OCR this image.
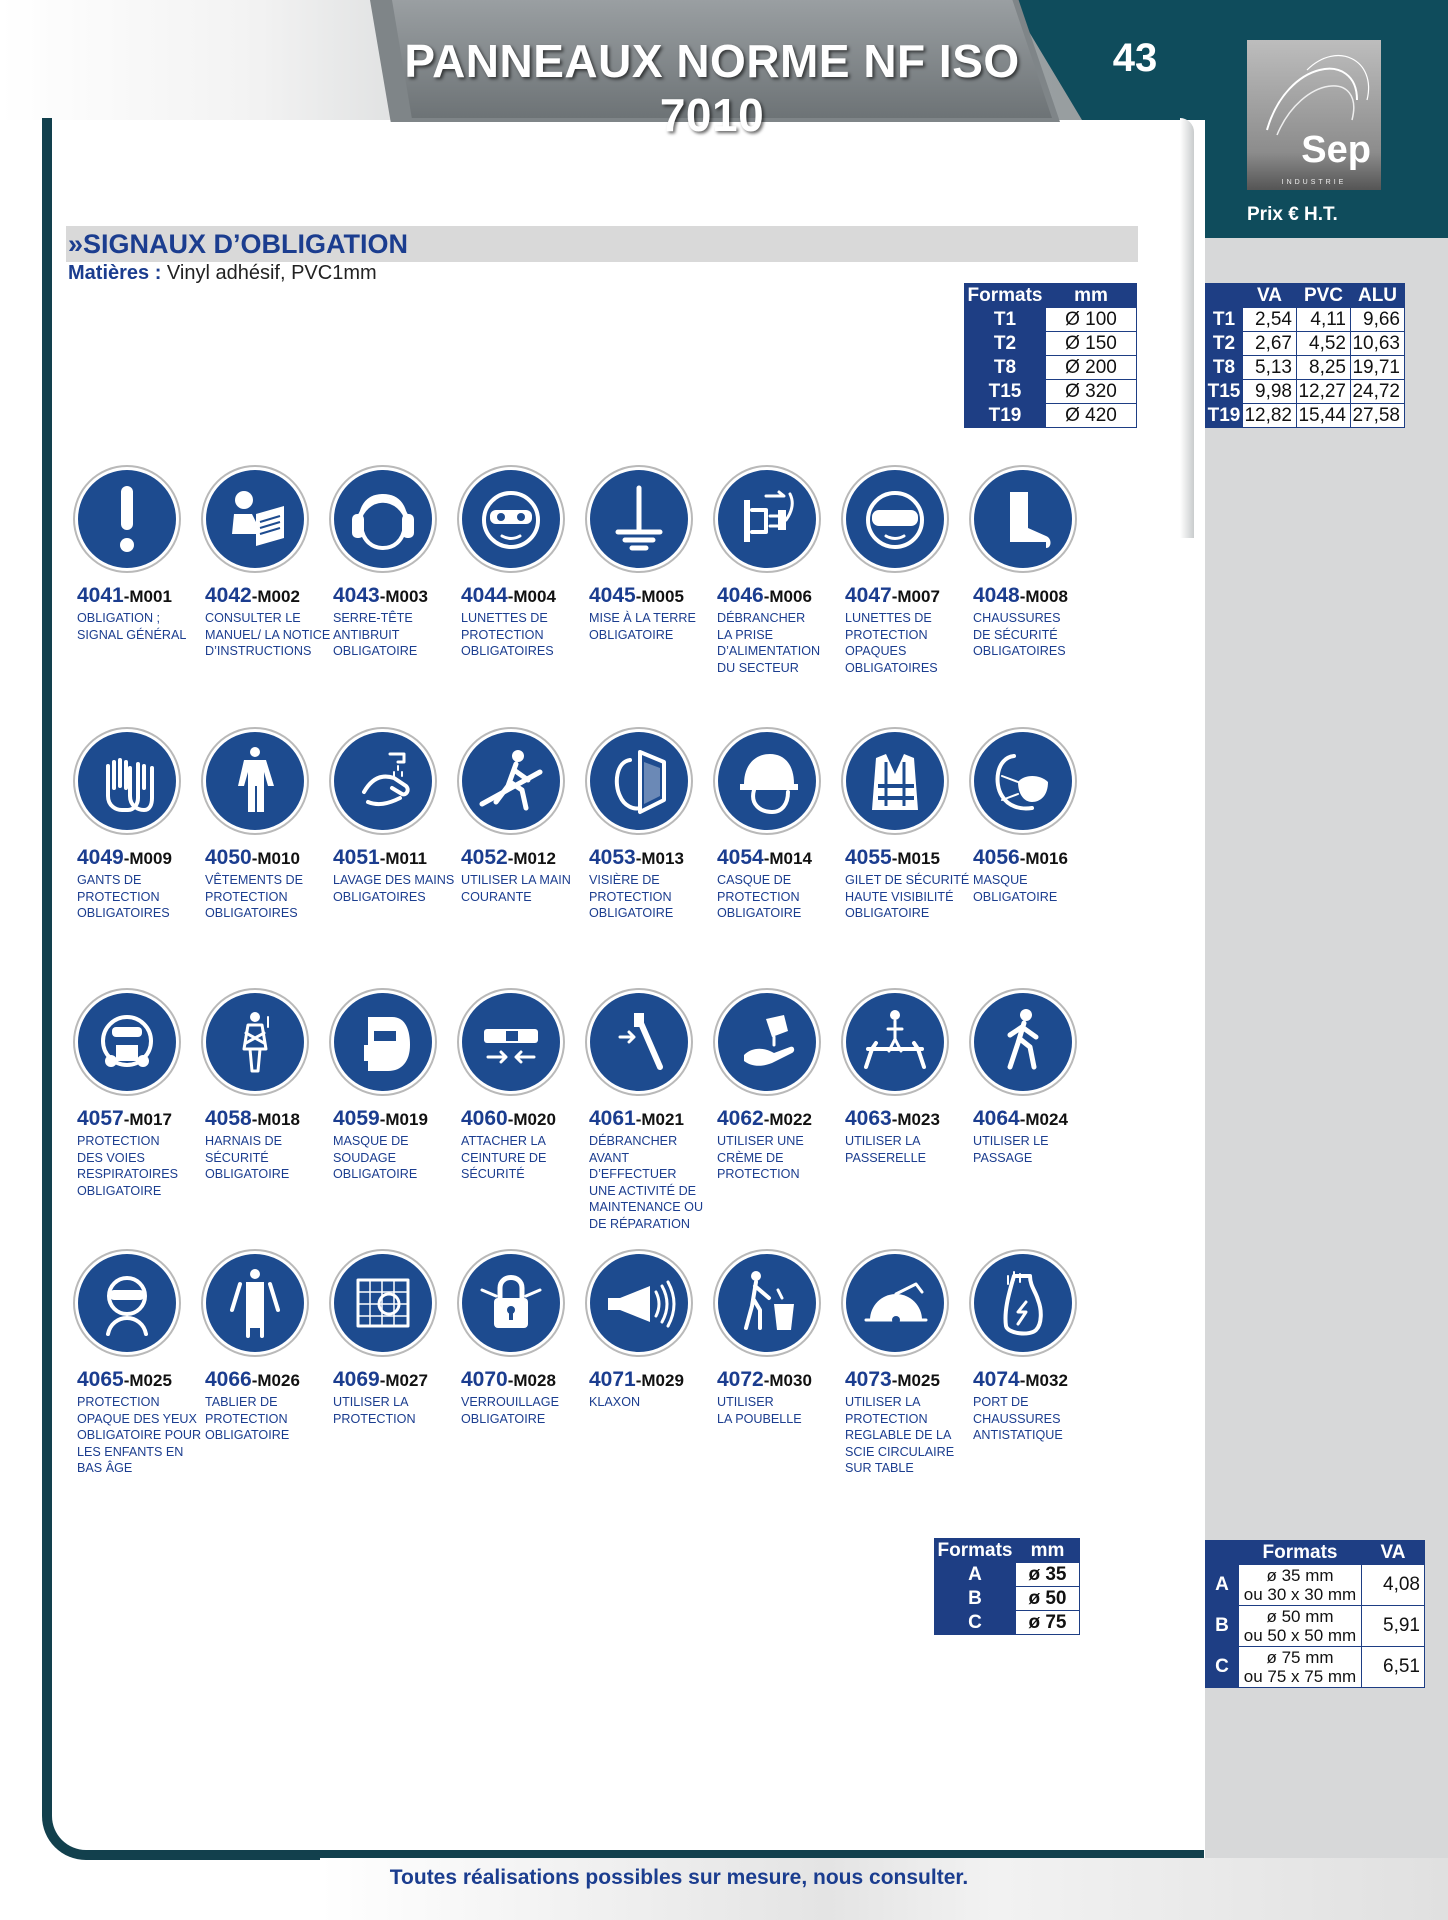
PANNEAUX NORME NF ISO 7010
43
Sep
INDUSTRIE
Prix € H.T.
»SIGNAUX D’OBLIGATION
Matières : Vinyl adhésif, PVC1mm
Formats	mm
T1	Ø 100
T2	Ø 150
T8	Ø 200
T15	Ø 320
T19	Ø 420
	VA	PVC	ALU
T1	2,54	4,11	9,66
T2	2,67	4,52	10,63
T8	5,13	8,25	19,71
T15	9,98	12,27	24,72
T19	12,82	15,44	27,58
4041-M001
OBLIGATION ;
SIGNAL GÉNÉRAL
4042-M002
CONSULTER LE
MANUEL/ LA NOTICE
D’INSTRUCTIONS
4043-M003
SERRE-TÊTE
ANTIBRUIT
OBLIGATOIRE
4044-M004
LUNETTES DE
PROTECTION
OBLIGATOIRES
4045-M005
MISE À LA TERRE
OBLIGATOIRE
4046-M006
DÉBRANCHER
LA PRISE
D’ALIMENTATION
DU SECTEUR
4047-M007
LUNETTES DE
PROTECTION
OPAQUES
OBLIGATOIRES
4048-M008
CHAUSSURES
DE SÉCURITÉ
OBLIGATOIRES
4049-M009
GANTS DE
PROTECTION
OBLIGATOIRES
4050-M010
VÊTEMENTS DE
PROTECTION
OBLIGATOIRES
4051-M011
LAVAGE DES MAINS
OBLIGATOIRES
4052-M012
UTILISER LA MAIN
COURANTE
4053-M013
VISIÈRE DE
PROTECTION
OBLIGATOIRE
4054-M014
CASQUE DE
PROTECTION
OBLIGATOIRE
4055-M015
GILET DE SÉCURITÉ
HAUTE VISIBILITÉ
OBLIGATOIRE
4056-M016
MASQUE
OBLIGATOIRE
4057-M017
PROTECTION
DES VOIES
RESPIRATOIRES
OBLIGATOIRE
4058-M018
HARNAIS DE
SÉCURITÉ
OBLIGATOIRE
4059-M019
MASQUE DE
SOUDAGE
OBLIGATOIRE
4060-M020
ATTACHER LA
CEINTURE DE
SÉCURITÉ
4061-M021
DÉBRANCHER
AVANT D’EFFECTUER
UNE ACTIVITÉ DE
MAINTENANCE OU
DE RÉPARATION
4062-M022
UTILISER UNE
CRÈME DE
PROTECTION
4063-M023
UTILISER LA
PASSERELLE
4064-M024
UTILISER LE
PASSAGE
4065-M025
PROTECTION
OPAQUE DES YEUX
OBLIGATOIRE POUR
LES ENFANTS EN
BAS ÂGE
4066-M026
TABLIER DE
PROTECTION
OBLIGATOIRE
4069-M027
UTILISER LA
PROTECTION
4070-M028
VERROUILLAGE
OBLIGATOIRE
4071-M029
KLAXON
4072-M030
UTILISER
LA POUBELLE
4073-M025
UTILISER LA
PROTECTION
REGLABLE DE LA
SCIE CIRCULAIRE
SUR TABLE
4074-M032
PORT DE
CHAUSSURES
ANTISTATIQUE
Formats	mm
A	ø 35
B	ø 50
C	ø 75
	Formats	VA
A	ø 35 mm
ou 30 x 30 mm	4,08
B	ø 50 mm
ou 50 x 50 mm	5,91
C	ø 75 mm
ou 75 x 75 mm	6,51
Toutes réalisations possibles sur mesure, nous consulter.
